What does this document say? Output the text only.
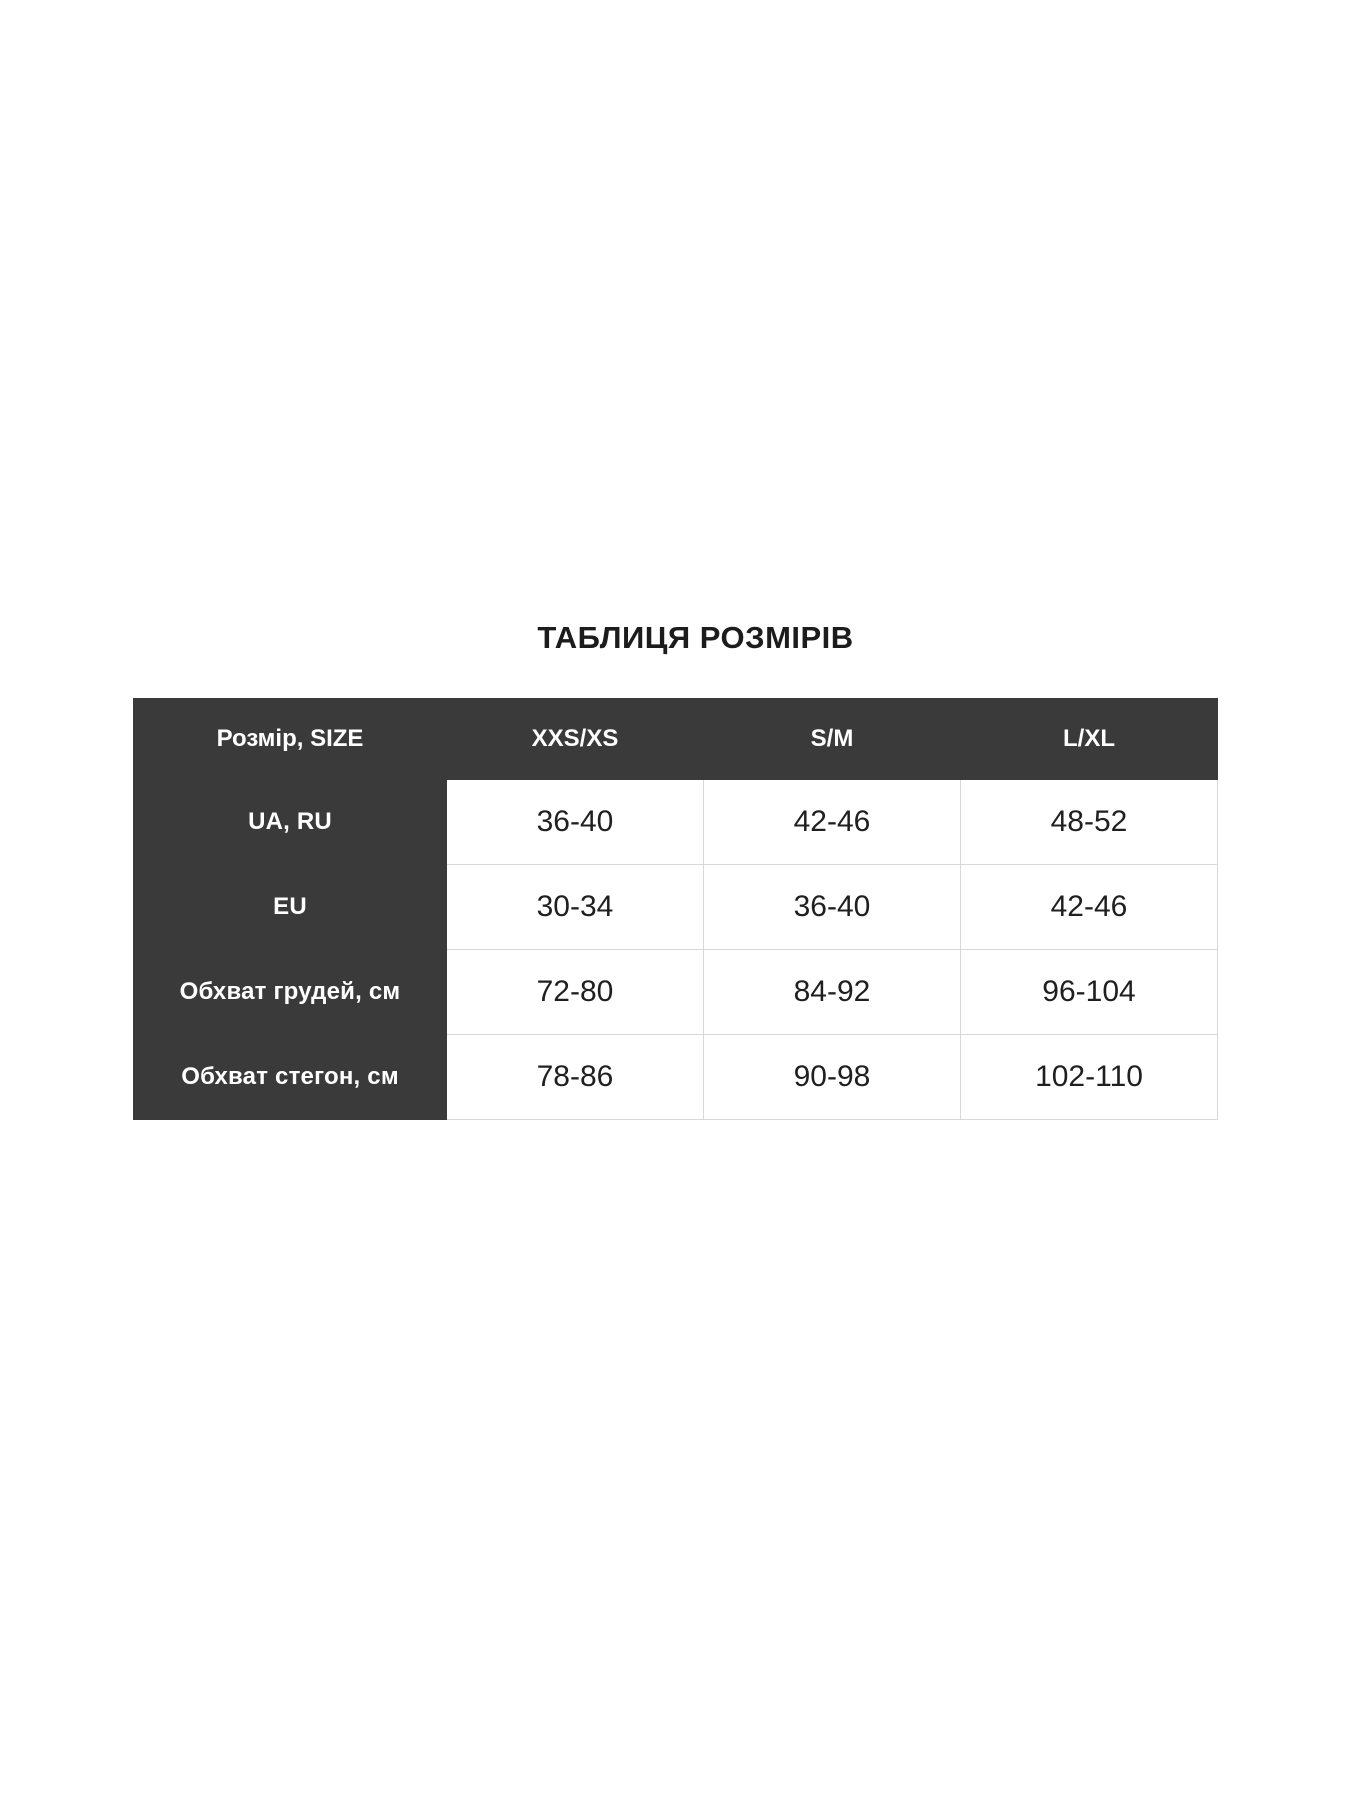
ТАБЛИЦЯ РОЗМІРІВ
Розмір, SIZE	XXS/XS	S/M	L/XL
UA, RU	36-40	42-46	48-52
EU	30-34	36-40	42-46
Обхват грудей, см	72-80	84-92	96-104
Обхват стегон, см	78-86	90-98	102-110
